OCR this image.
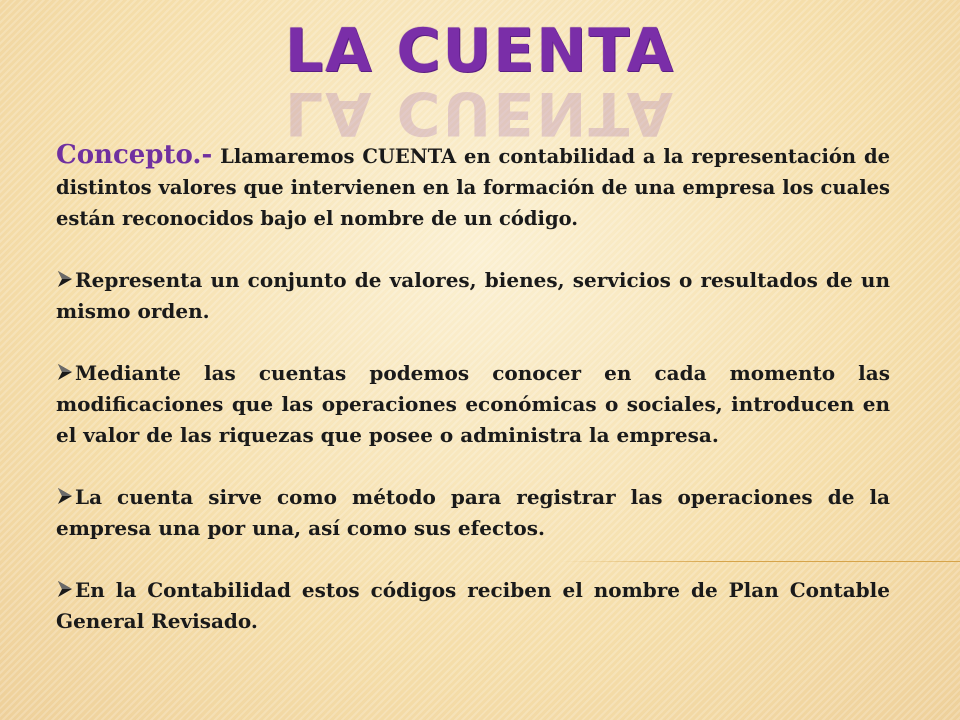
LA CUENTA
LA CUENTA

Concepto.- Llamaremos CUENTA en contabilidad a la representación de distintos valores que intervienen en la formación de una empresa los cuales están reconocidos bajo el nombre de un código.

Representa un conjunto de valores, bienes, servicios o resultados de un mismo orden.

Mediante las cuentas podemos conocer en cada momento las modificaciones que las operaciones económicas o sociales, introducen en el valor de las riquezas que posee o administra la empresa.

La cuenta sirve como método para registrar las operaciones de la empresa una por una, así como sus efectos.

En la Contabilidad estos códigos reciben el nombre de Plan Contable General Revisado.
